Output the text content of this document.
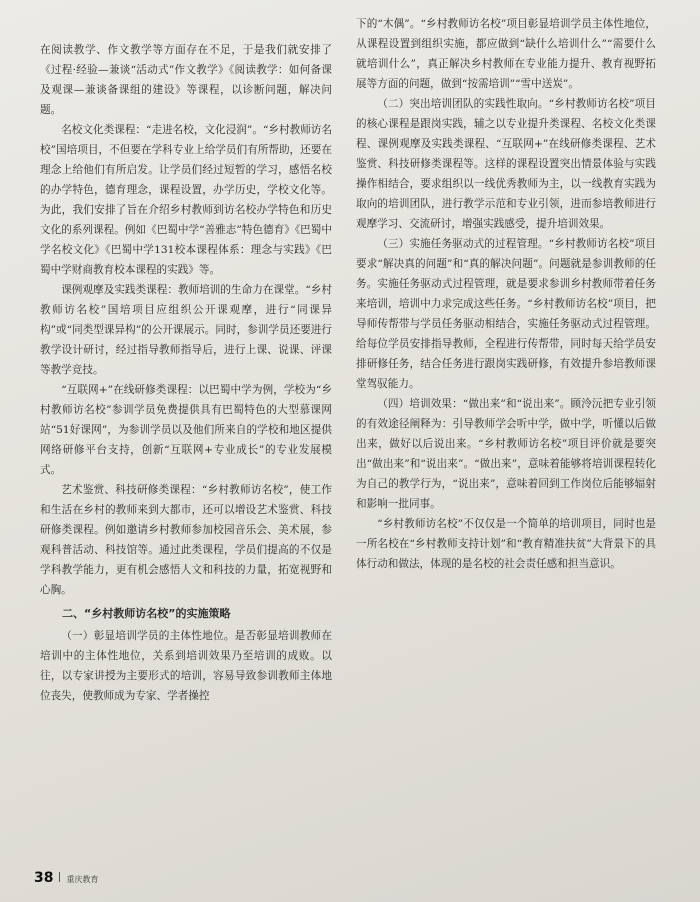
在阅读教学、作文教学等方面存在不足，于是我们就安排了《过程·经验—兼谈“活动式”作文教学》《阅读教学：如何备课及观课—兼谈备课组的建设》等课程，以诊断问题，解决问题。

名校文化类课程：“走进名校，文化浸润”。“乡村教师访名校”国培项目，不但要在学科专业上给学员们有所帮助，还要在理念上给他们有所启发。让学员们经过短暂的学习，感悟名校的办学特色，德育理念，课程设置，办学历史，学校文化等。为此，我们安排了旨在介绍乡村教师到访名校办学特色和历史文化的系列课程。例如《巴蜀中学“善雅志”特色德育》《巴蜀中学名校文化》《巴蜀中学131校本课程体系：理念与实践》《巴蜀中学财商教育校本课程的实践》等。

课例观摩及实践类课程：教师培训的生命力在课堂。“乡村教师访名校”国培项目应组织公开课观摩，进行“同课异构”或“同类型课异构”的公开课展示。同时，参训学员还要进行教学设计研讨，经过指导教师指导后，进行上课、说课、评课等教学竞技。

“互联网+”在线研修类课程：以巴蜀中学为例，学校为“乡村教师访名校”参训学员免费提供具有巴蜀特色的大型慕课网站“51好课网”，为参训学员以及他们所来自的学校和地区提供网络研修平台支持，创新“互联网+专业成长”的专业发展模式。

艺术鉴赏、科技研修类课程：“乡村教师访名校”，使工作和生活在乡村的教师来到大都市，还可以增设艺术鉴赏、科技研修类课程。例如邀请乡村教师参加校园音乐会、美术展，参观科普活动、科技馆等。通过此类课程，学员们提高的不仅是学科教学能力，更有机会感悟人文和科技的力量，拓宽视野和心胸。

二、“乡村教师访名校”的实施策略

（一）彰显培训学员的主体性地位。是否彰显培训教师在培训中的主体性地位，关系到培训效果乃至培训的成败。以往，以专家讲授为主要形式的培训，容易导致参训教师主体地位丧失，使教师成为专家、学者操控

下的“木偶”。“乡村教师访名校”项目彰显培训学员主体性地位，从课程设置到组织实施，都应做到“缺什么培训什么”“需要什么就培训什么”，真正解决乡村教师在专业能力提升、教育视野拓展等方面的问题，做到“按需培训”“雪中送炭”。

（二）突出培训团队的实践性取向。“乡村教师访名校”项目的核心课程是跟岗实践，辅之以专业提升类课程、名校文化类课程、课例观摩及实践类课程、“互联网+”在线研修类课程、艺术鉴赏、科技研修类课程等。这样的课程设置突出情景体验与实践操作相结合，要求组织以一线优秀教师为主，以一线教育实践为取向的培训团队，进行教学示范和专业引领，进而参培教师进行观摩学习、交流研讨，增强实践感受，提升培训效果。

（三）实施任务驱动式的过程管理。“乡村教师访名校”项目要求“解决真的问题”和“真的解决问题”。问题就是参训教师的任务。实施任务驱动式过程管理，就是要求参训乡村教师带着任务来培训，培训中力求完成这些任务。“乡村教师访名校”项目，把导师传帮带与学员任务驱动相结合，实施任务驱动式过程管理。给每位学员安排指导教师，全程进行传帮带，同时每天给学员安排研修任务，结合任务进行跟岗实践研修，有效提升参培教师课堂驾驭能力。

（四）培训效果：“做出来”和“说出来”。顾泠沅把专业引领的有效途径阐释为：引导教师学会听中学，做中学，听懂以后做出来，做好以后说出来。“乡村教师访名校”项目评价就是要突出“做出来”和“说出来”。“做出来”，意味着能够将培训课程转化为自己的教学行为，“说出来”，意味着回到工作岗位后能够辐射和影响一批同事。

“乡村教师访名校”不仅仅是一个简单的培训项目，同时也是一所名校在“乡村教师支持计划”和“教育精准扶贫”大背景下的具体行动和做法，体现的是名校的社会责任感和担当意识。

38 重庆教育
